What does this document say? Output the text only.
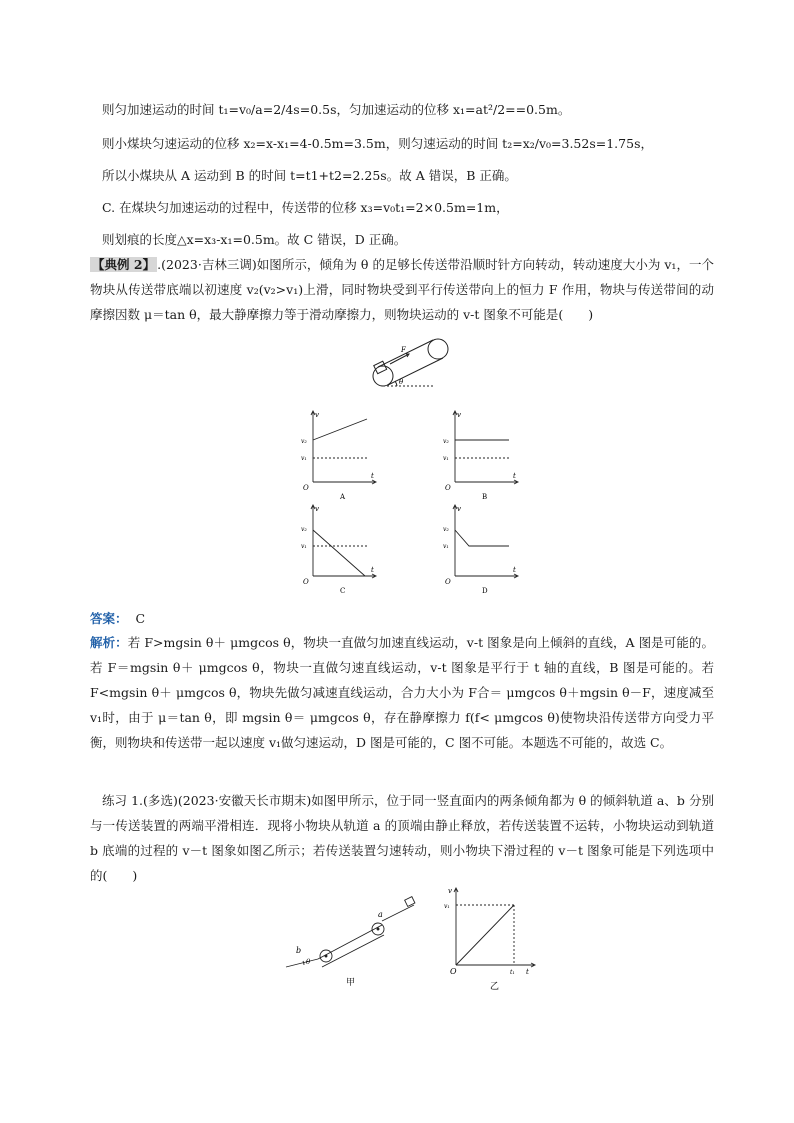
则匀加速运动的时间 t₁=v₀/a=2/4s=0.5s，匀加速运动的位移 x₁=at²/2==0.5m。
则小煤块匀速运动的位移 x₂=x-x₁=4-0.5m=3.5m，则匀速运动的时间 t₂=x₂/v₀=3.52s=1.75s，
所以小煤块从 A 运动到 B 的时间 t=t1+t2=2.25s。故 A 错误，B 正确。
C. 在煤块匀加速运动的过程中，传送带的位移 x₃=v₀t₁=2×0.5m=1m，
则划痕的长度△x=x₃-x₁=0.5m。故 C 错误，D 正确。
【典例 2】 .(2023·吉林三调)如图所示，倾角为 θ 的足够长传送带沿顺时针方向转动，转动速度大小为 v₁，一个物块从传送带底端以初速度 v₂(v₂>v₁)上滑，同时物块受到平行传送带向上的恒力 F 作用，物块与传送带间的动摩擦因数 μ＝tan θ，最大静摩擦力等于滑动摩擦力，则物块运动的 v-t 图象不可能是(　　)
F
θ
v
t
O
v₂
v₁
A
v
t
O
v₂
v₁
B
v
t
O
v₂
v₁
C
v
t
O
v₂
v₁
D
答案： C
解析：若 F>mgsin θ＋ μmgcos θ，物块一直做匀加速直线运动，v-t 图象是向上倾斜的直线，A 图是可能的。若 F＝mgsin θ＋ μmgcos θ，物块一直做匀速直线运动，v-t 图象是平行于 t 轴的直线，B 图是可能的。若 F<mgsin θ＋ μmgcos θ，物块先做匀减速直线运动，合力大小为 F合＝ μmgcos θ＋mgsin θ－F，速度减至 v₁时，由于 μ＝tan θ，即 mgsin θ＝ μmgcos θ，存在静摩擦力 f(f< μmgcos θ)使物块沿传送带方向受力平衡，则物块和传送带一起以速度 v₁做匀速运动，D 图是可能的，C 图不可能。本题选不可能的，故选 C。
练习 1.(多选)(2023·安徽天长市期末)如图甲所示，位于同一竖直面内的两条倾角都为 θ 的倾斜轨道 a、b 分别与一传送装置的两端平滑相连．现将小物块从轨道 a 的顶端由静止释放，若传送装置不运转，小物块运动到轨道 b 底端的过程的 v－t 图象如图乙所示；若传送装置匀速转动，则小物块下滑过程的 v－t 图象可能是下列选项中的(　　)
a
b
θ
甲
v
v₁
O	t₁ t
乙
